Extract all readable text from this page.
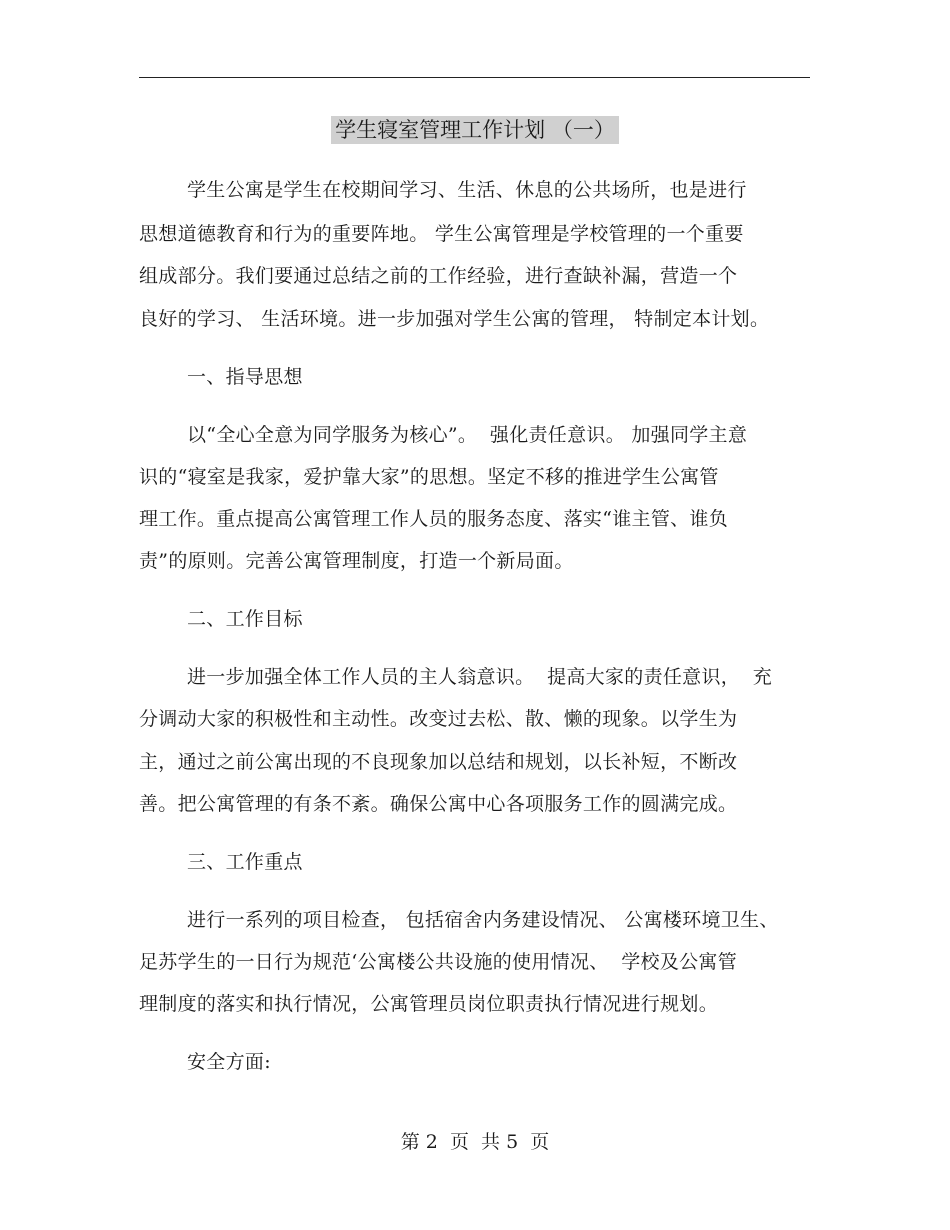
学生寝室管理工作计划 （一）
学生公寓是学生在校期间学习、生活、休息的公共场所，也是进行
思想道德教育和行为的重要阵地。 学生公寓管理是学校管理的一个重要
组成部分。我们要通过总结之前的工作经验，进行查缺补漏，营造一个
良好的学习、 生活环境。进一步加强对学生公寓的管理， 特制定本计划。
一、指导思想
以“全心全意为同学服务为核心”。  强化责任意识。 加强同学主意
识的“寝室是我家，爱护靠大家”的思想。坚定不移的推进学生公寓管
理工作。重点提高公寓管理工作人员的服务态度、落实“谁主管、谁负
责”的原则。完善公寓管理制度，打造一个新局面。
二、工作目标
进一步加强全体工作人员的主人翁意识。  提高大家的责任意识，  充
分调动大家的积极性和主动性。改变过去松、散、懒的现象。以学生为
主，通过之前公寓出现的不良现象加以总结和规划，以长补短，不断改
善。把公寓管理的有条不紊。确保公寓中心各项服务工作的圆满完成。
三、工作重点
进行一系列的项目检查， 包括宿舍内务建设情况、 公寓楼环境卫生、
足苏学生的一日行为规范‘公寓楼公共设施的使用情况、  学校及公寓管
理制度的落实和执行情况，公寓管理员岗位职责执行情况进行规划。
安全方面:
第 2  页  共 5  页
